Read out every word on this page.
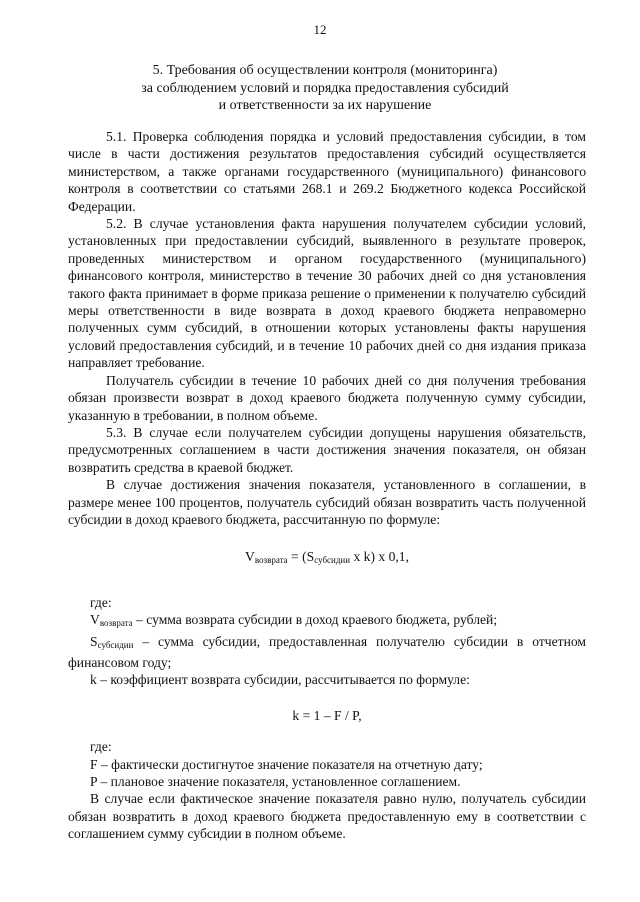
12
5. Требования об осуществлении контроля (мониторинга)
за соблюдением условий и порядка предоставления субсидий
и ответственности за их нарушение

5.1. Проверка соблюдения порядка и условий предоставления субсидии, в том числе в части достижения результатов предоставления субсидий осуществляется министерством, а также органами государственного (муниципального) финансового контроля в соответствии со статьями 268.1 и 269.2 Бюджетного кодекса Российской Федерации.

5.2. В случае установления факта нарушения получателем субсидии условий, установленных при предоставлении субсидий, выявленного в результате проверок, проведенных министерством и органом государственного (муниципального) финансового контроля, министерство в течение 30 рабочих дней со дня установления такого факта принимает в форме приказа решение о применении к получателю субсидий меры ответственности в виде возврата в доход краевого бюджета неправомерно полученных сумм субсидий, в отношении которых установлены факты нарушения условий предоставления субсидий, и в течение 10 рабочих дней со дня издания приказа направляет требование.

Получатель субсидии в течение 10 рабочих дней со дня получения требования обязан произвести возврат в доход краевого бюджета полученную сумму субсидии, указанную в требовании, в полном объеме.

5.3. В случае если получателем субсидии допущены нарушения обязательств, предусмотренных соглашением в части достижения значения показателя, он обязан возвратить средства в краевой бюджет.

В случае достижения значения показателя, установленного в соглашении, в размере менее 100 процентов, получатель субсидий обязан возвратить часть полученной субсидии в доход краевого бюджета, рассчитанную по формуле:

$V_{возврата} = (S_{субсидии}$ x k) x 0,1,

где:

$V_{возврата}$ – сумма возврата субсидии в доход краевого бюджета, рублей;

$S_{субсидии}$ – сумма субсидии, предоставленная получателю субсидии в отчетном финансовом году;

k – коэффициент возврата субсидии, рассчитывается по формуле:

k = 1 – F / P,

где:

F – фактически достигнутое значение показателя на отчетную дату;

P – плановое значение показателя, установленное соглашением.

В случае если фактическое значение показателя равно нулю, получатель субсидии обязан возвратить в доход краевого бюджета предоставленную ему в соответствии с соглашением сумму субсидии в полном объеме.
